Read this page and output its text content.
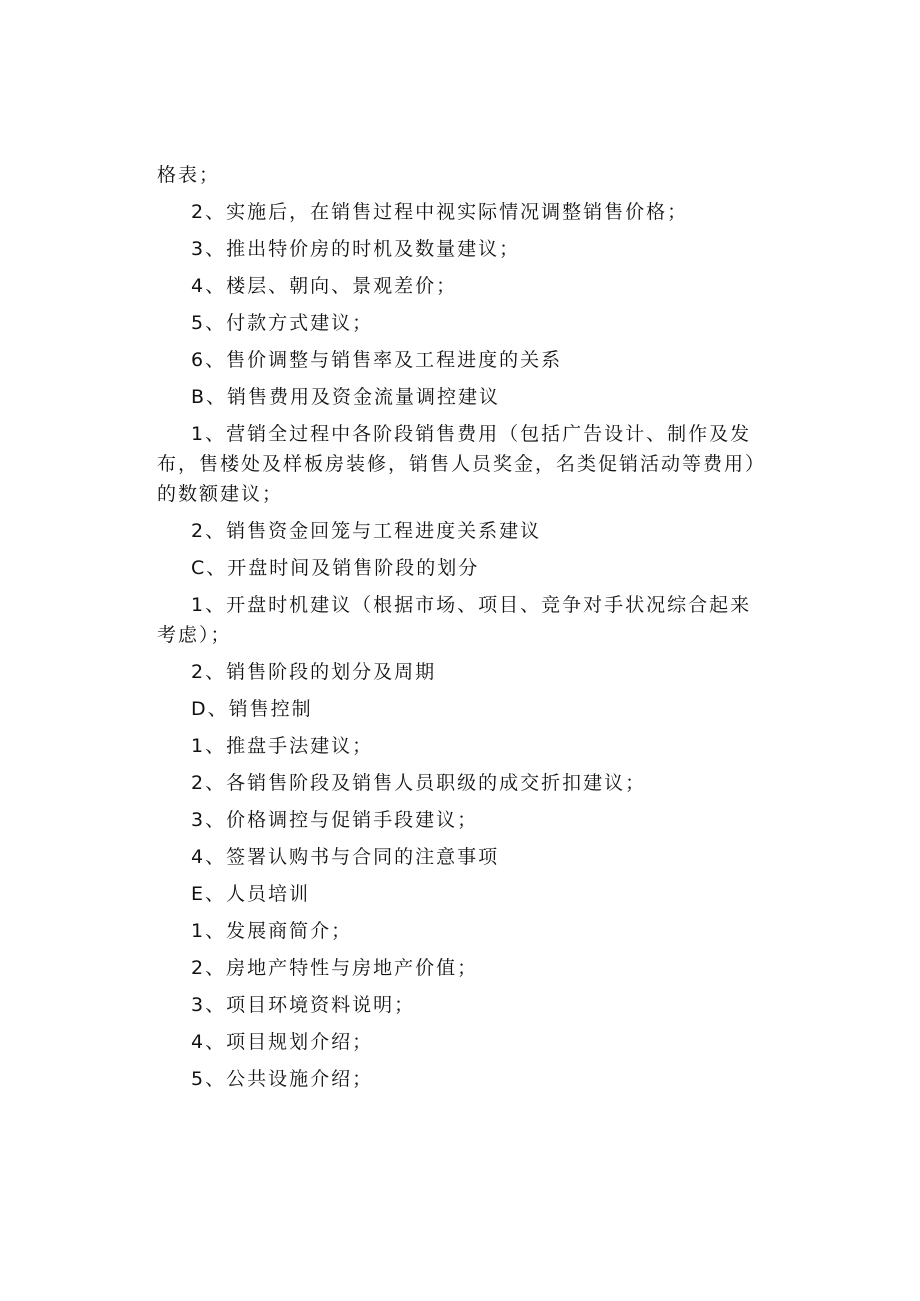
格表；

2、实施后，在销售过程中视实际情况调整销售价格；

3、推出特价房的时机及数量建议；

4、楼层、朝向、景观差价；

5、付款方式建议；

6、售价调整与销售率及工程进度的关系

B、销售费用及资金流量调控建议

1、营销全过程中各阶段销售费用（包括广告设计、制作及发
布，售楼处及样板房装修，销售人员奖金，名类促销活动等费用）
的数额建议；

2、销售资金回笼与工程进度关系建议

C、开盘时间及销售阶段的划分

1、开盘时机建议（根据市场、项目、竞争对手状况综合起来
考虑）；

2、销售阶段的划分及周期

D、销售控制

1、推盘手法建议；

2、各销售阶段及销售人员职级的成交折扣建议；

3、价格调控与促销手段建议；

4、签署认购书与合同的注意事项

E、人员培训

1、发展商简介；

2、房地产特性与房地产价值；

3、项目环境资料说明；

4、项目规划介绍；

5、公共设施介绍；
